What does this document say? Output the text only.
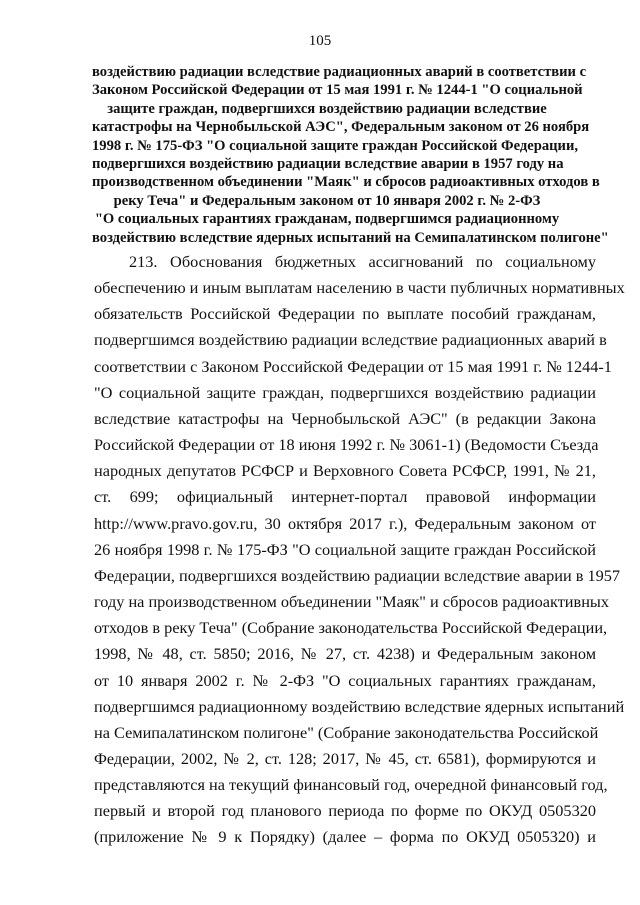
105
воздействию радиации вследствие радиационных аварий в соответствии с
Законом Российской Федерации от 15 мая 1991 г. № 1244-1 "О социальной
защите граждан, подвергшихся воздействию радиации вследствие
катастрофы на Чернобыльской АЭС", Федеральным законом от 26 ноября
1998 г. № 175-ФЗ "О социальной защите граждан Российской Федерации,
подвергшихся воздействию радиации вследствие аварии в 1957 году на
производственном объединении "Маяк" и сбросов радиоактивных отходов в
реку Теча" и Федеральным законом от 10 января 2002 г. № 2-ФЗ
"О социальных гарантиях гражданам, подвергшимся радиационному
воздействию вследствие ядерных испытаний на Семипалатинском полигоне"
213. Обоснования бюджетных ассигнований по социальному
обеспечению и иным выплатам населению в части публичных нормативных
обязательств Российской Федерации по выплате пособий гражданам,
подвергшимся воздействию радиации вследствие радиационных аварий в
соответствии с Законом Российской Федерации от 15 мая 1991 г. № 1244-1
"О социальной защите граждан, подвергшихся воздействию радиации
вследствие катастрофы на Чернобыльской АЭС" (в редакции Закона
Российской Федерации от 18 июня 1992 г. № 3061-1) (Ведомости Съезда
народных депутатов РСФСР и Верховного Совета РСФСР, 1991, № 21,
ст. 699; официальный интернет-портал правовой информации
http://www.pravo.gov.ru, 30 октября 2017 г.), Федеральным законом от
26 ноября 1998 г. № 175-ФЗ "О социальной защите граждан Российской
Федерации, подвергшихся воздействию радиации вследствие аварии в 1957
году на производственном объединении "Маяк" и сбросов радиоактивных
отходов в реку Теча" (Собрание законодательства Российской Федерации,
1998, № 48, ст. 5850; 2016, № 27, ст. 4238) и Федеральным законом
от 10 января 2002 г. № 2-ФЗ "О социальных гарантиях гражданам,
подвергшимся радиационному воздействию вследствие ядерных испытаний
на Семипалатинском полигоне" (Собрание законодательства Российской
Федерации, 2002, № 2, ст. 128; 2017, № 45, ст. 6581), формируются и
представляются на текущий финансовый год, очередной финансовый год,
первый и второй год планового периода по форме по ОКУД 0505320
(приложение № 9 к Порядку) (далее – форма по ОКУД 0505320) и
